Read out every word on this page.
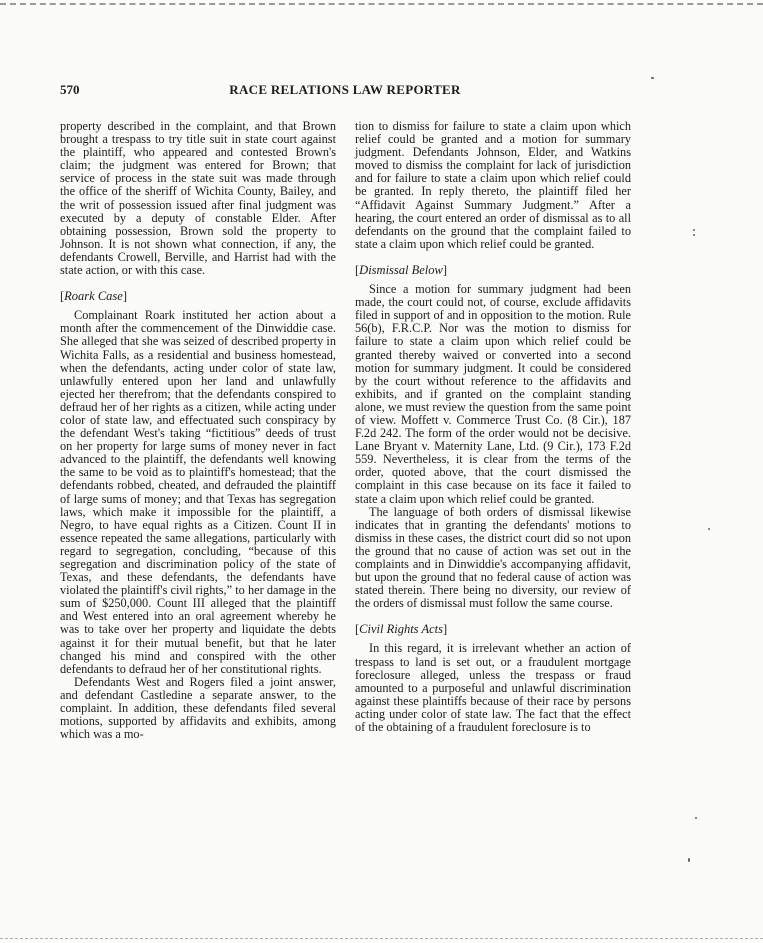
570	RACE RELATIONS LAW REPORTER

property described in the complaint, and that Brown brought a trespass to try title suit in state court against the plaintiff, who appeared and contested Brown's claim; the judgment was entered for Brown; that service of process in the state suit was made through the office of the sheriff of Wichita County, Bailey, and the writ of possession issued after final judgment was executed by a deputy of constable Elder. After obtaining possession, Brown sold the property to Johnson. It is not shown what connection, if any, the defendants Crowell, Berville, and Harrist had with the state action, or with this case.

[Roark Case]

Complainant Roark instituted her action about a month after the commencement of the Dinwiddie case. She alleged that she was seized of described property in Wichita Falls, as a residential and business homestead, when the defendants, acting under color of state law, unlawfully entered upon her land and unlawfully ejected her therefrom; that the defendants conspired to defraud her of her rights as a citizen, while acting under color of state law, and effectuated such conspiracy by the defendant West's taking “fictitious” deeds of trust on her property for large sums of money never in fact advanced to the plaintiff, the defendants well knowing the same to be void as to plaintiff's homestead; that the defendants robbed, cheated, and defrauded the plaintiff of large sums of money; and that Texas has segregation laws, which make it impossible for the plaintiff, a Negro, to have equal rights as a Citizen. Count II in essence repeated the same allegations, particularly with regard to segregation, concluding, “because of this segregation and discrimination policy of the state of Texas, and these defendants, the defendants have violated the plaintiff's civil rights,” to her damage in the sum of $250,000. Count III alleged that the plaintiff and West entered into an oral agreement whereby he was to take over her property and liquidate the debts against it for their mutual benefit, but that he later changed his mind and conspired with the other defendants to defraud her of her constitutional rights.

Defendants West and Rogers filed a joint answer, and defendant Castledine a separate answer, to the complaint. In addition, these defendants filed several motions, supported by affidavits and exhibits, among which was a mo-

tion to dismiss for failure to state a claim upon which relief could be granted and a motion for summary judgment. Defendants Johnson, Elder, and Watkins moved to dismiss the complaint for lack of jurisdiction and for failure to state a claim upon which relief could be granted. In reply thereto, the plaintiff filed her “Affidavit Against Summary Judgment.” After a hearing, the court entered an order of dismissal as to all defendants on the ground that the complaint failed to state a claim upon which relief could be granted.

[Dismissal Below]

Since a motion for summary judgment had been made, the court could not, of course, exclude affidavits filed in support of and in opposition to the motion. Rule 56(b), F.R.C.P. Nor was the motion to dismiss for failure to state a claim upon which relief could be granted thereby waived or converted into a second motion for summary judgment. It could be considered by the court without reference to the affidavits and exhibits, and if granted on the complaint standing alone, we must review the question from the same point of view. Moffett v. Commerce Trust Co. (8 Cir.), 187 F.2d 242. The form of the order would not be decisive. Lane Bryant v. Maternity Lane, Ltd. (9 Cir.), 173 F.2d 559. Nevertheless, it is clear from the terms of the order, quoted above, that the court dismissed the complaint in this case because on its face it failed to state a claim upon which relief could be granted.

The language of both orders of dismissal likewise indicates that in granting the defendants' motions to dismiss in these cases, the district court did so not upon the ground that no cause of action was set out in the complaints and in Dinwiddie's accompanying affidavit, but upon the ground that no federal cause of action was stated therein. There being no diversity, our review of the orders of dismissal must follow the same course.

[Civil Rights Acts]

In this regard, it is irrelevant whether an action of trespass to land is set out, or a fraudulent mortgage foreclosure alleged, unless the trespass or fraud amounted to a purposeful and unlawful discrimination against these plaintiffs because of their race by persons acting under color of state law. The fact that the effect of the obtaining of a fraudulent foreclosure is to
